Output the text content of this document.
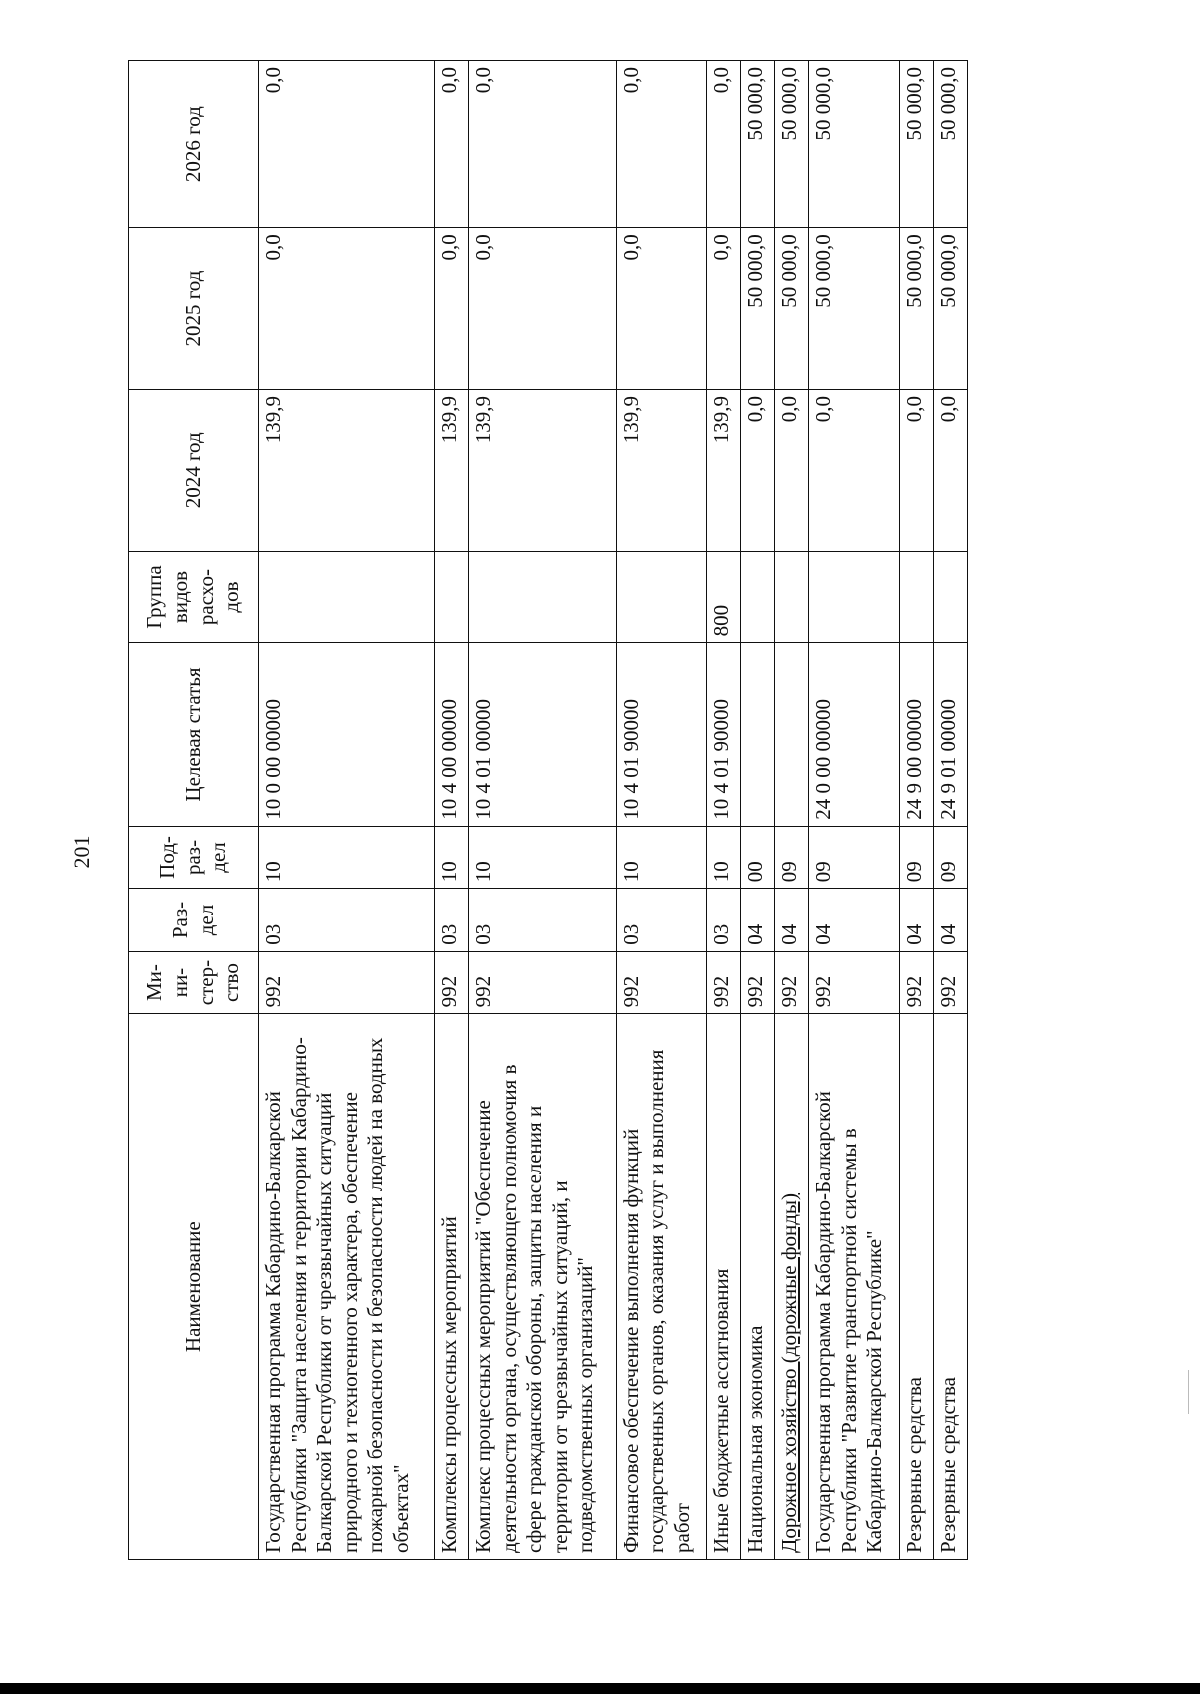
201
Наименование	Ми-ни-стер-ство	Раз-дел	Под-раз-дел	Целевая статья	Группа видов расхо-дов	2024 год	2025 год	2026 год
Государственная программа Кабардино-Балкарской Республики "Защита населения и территории Кабардино-Балкарской Республики от чрезвычайных ситуаций природного и техногенного характера, обеспечение пожарной безопасности и безопасности людей на водных объектах"	992	03	10	10 0 00 00000		139,9	0,0	0,0
Комплексы процессных мероприятий	992	03	10	10 4 00 00000		139,9	0,0	0,0
Комплекс процессных мероприятий "Обеспечение деятельности органа, осуществляющего полномочия в сфере гражданской обороны, защиты населения и территории от чрезвычайных ситуаций, и подведомственных организаций"	992	03	10	10 4 01 00000		139,9	0,0	0,0
Финансовое обеспечение выполнения функций государственных органов, оказания услуг и выполнения работ	992	03	10	10 4 01 90000		139,9	0,0	0,0
Иные бюджетные ассигнования	992	03	10	10 4 01 90000	800	139,9	0,0	0,0
Национальная экономика	992	04	00			0,0	50 000,0	50 000,0
Дорожное хозяйство (дорожные фонды)	992	04	09			0,0	50 000,0	50 000,0
Государственная программа Кабардино-Балкарской Республики "Развитие транспортной системы в Кабардино-Балкарской Республике"	992	04	09	24 0 00 00000		0,0	50 000,0	50 000,0
Резервные средства	992	04	09	24 9 00 00000		0,0	50 000,0	50 000,0
Резервные средства	992	04	09	24 9 01 00000		0,0	50 000,0	50 000,0
